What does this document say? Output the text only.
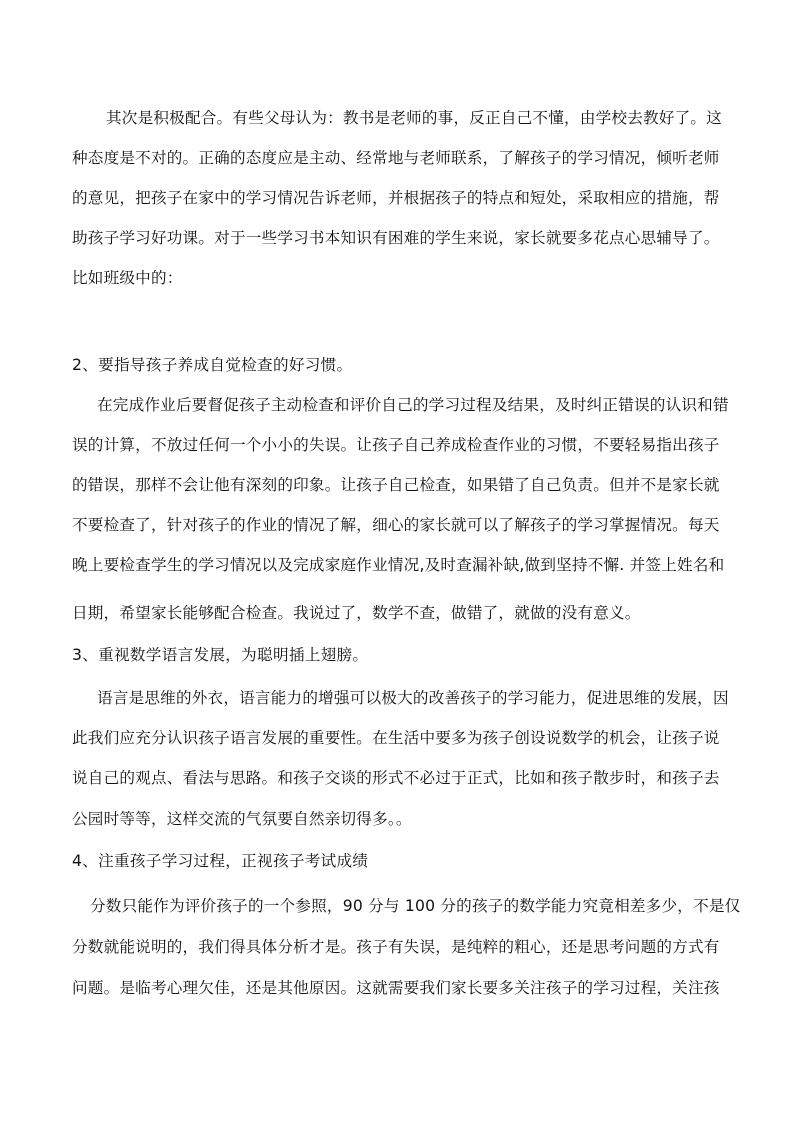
其次是积极配合。有些父母认为：教书是老师的事，反正自己不懂，由学校去教好了。这
种态度是不对的。正确的态度应是主动、经常地与老师联系，了解孩子的学习情况，倾听老师
的意见，把孩子在家中的学习情况告诉老师，并根据孩子的特点和短处，采取相应的措施，帮
助孩子学习好功课。对于一些学习书本知识有困难的学生来说，家长就要多花点心思辅导了。
比如班级中的：
2、要指导孩子养成自觉检查的好习惯。
在完成作业后要督促孩子主动检查和评价自己的学习过程及结果，及时纠正错误的认识和错
误的计算，不放过任何一个小小的失误。让孩子自己养成检查作业的习惯，不要轻易指出孩子
的错误，那样不会让他有深刻的印象。让孩子自己检查，如果错了自己负责。但并不是家长就
不要检查了，针对孩子的作业的情况了解，细心的家长就可以了解孩子的学习掌握情况。每天
晚上要检查学生的学习情况以及完成家庭作业情况,及时查漏补缺,做到坚持不懈. 并签上姓名和
日期，希望家长能够配合检查。我说过了，数学不查，做错了，就做的没有意义。
3、重视数学语言发展，为聪明插上翅膀。
语言是思维的外衣，语言能力的增强可以极大的改善孩子的学习能力，促进思维的发展，因
此我们应充分认识孩子语言发展的重要性。在生活中要多为孩子创设说数学的机会，让孩子说
说自己的观点、看法与思路。和孩子交谈的形式不必过于正式，比如和孩子散步时，和孩子去
公园时等等，这样交流的气氛要自然亲切得多。。
4、注重孩子学习过程，正视孩子考试成绩
分数只能作为评价孩子的一个参照，90 分与 100 分的孩子的数学能力究竟相差多少，不是仅
分数就能说明的，我们得具体分析才是。孩子有失误，是纯粹的粗心，还是思考问题的方式有
问题。是临考心理欠佳，还是其他原因。这就需要我们家长要多关注孩子的学习过程，关注孩
